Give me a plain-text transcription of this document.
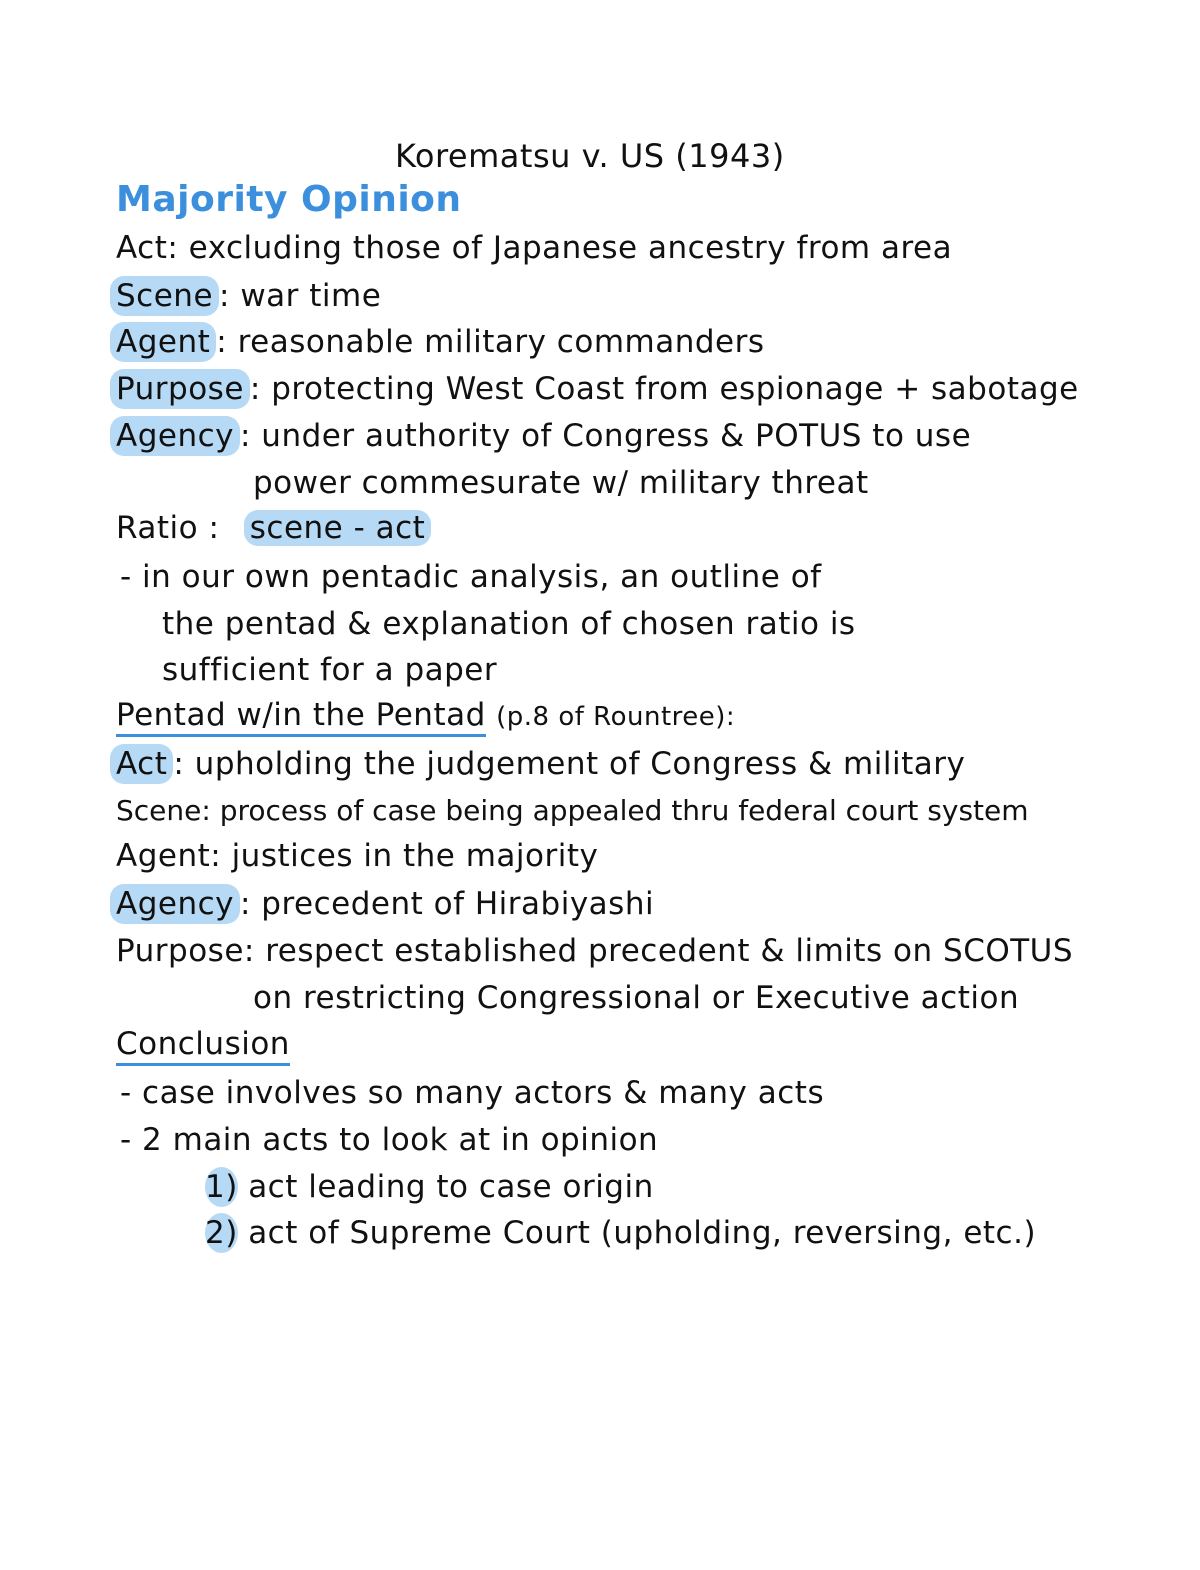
Korematsu v. US (1943)
Majority Opinion
Act: excluding those of Japanese ancestry from area
Scene : war time
Agent : reasonable military commanders
Purpose : protecting West Coast from espionage + sabotage
Agency : under authority of Congress & POTUS to use
power commesurate w/ military threat
Ratio : scene - act
- in our own pentadic analysis, an outline of
the pentad & explanation of chosen ratio is
sufficient for a paper
Pentad w/in the Pentad (p.8 of Rountree):
Act : upholding the judgement of Congress & military
Scene: process of case being appealed thru federal court system
Agent: justices in the majority
Agency : precedent of Hirabiyashi
Purpose: respect established precedent & limits on SCOTUS
on restricting Congressional or Executive action
Conclusion
- case involves so many actors & many acts
- 2 main acts to look at in opinion
1) act leading to case origin
2) act of Supreme Court (upholding, reversing, etc.)
